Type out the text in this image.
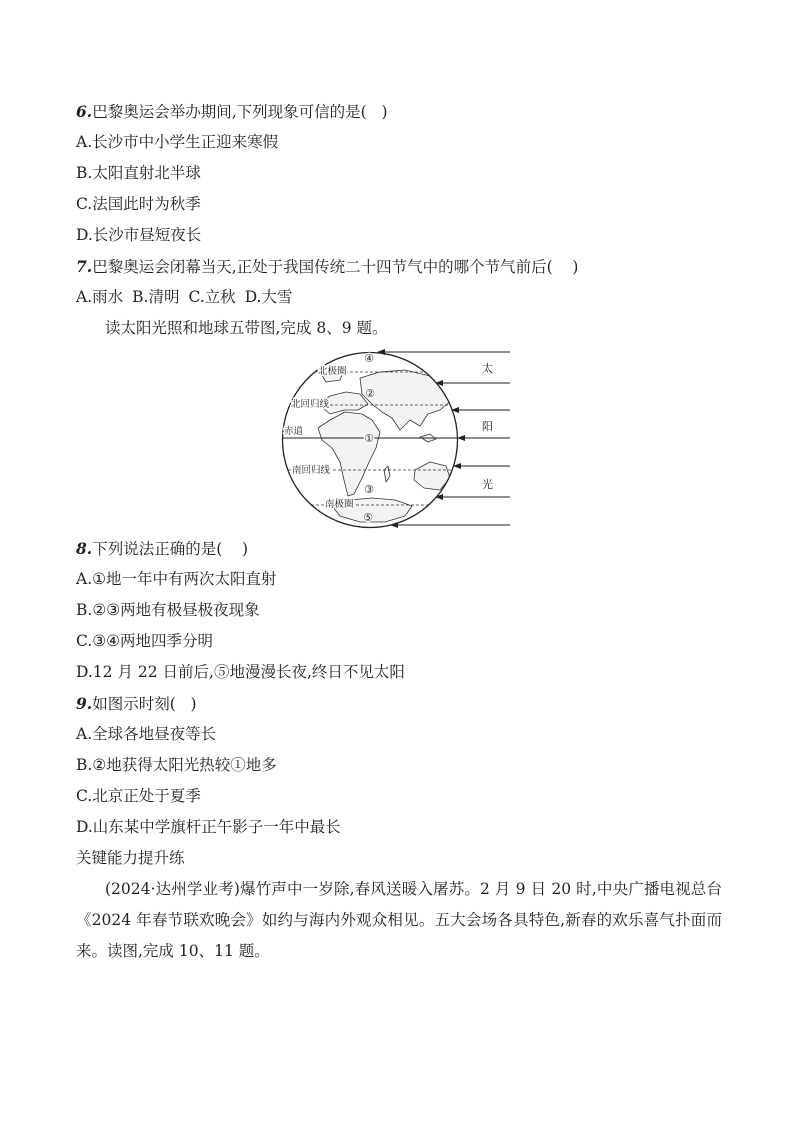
6.巴黎奥运会举办期间,下列现象可信的是(   )
A.长沙市中小学生正迎来寒假
B.太阳直射北半球
C.法国此时为秋季
D.长沙市昼短夜长
7.巴黎奥运会闭幕当天,正处于我国传统二十四节气中的哪个节气前后(    )
A.雨水 B.清明 C.立秋 D.大雪
读太阳光照和地球五带图,完成 8、9 题。
太
阳
光
北极圈
北回归线
赤道
南回归线
南极圈
①
②
③
④
⑤
8.下列说法正确的是(    )
A.①地一年中有两次太阳直射
B.②③两地有极昼极夜现象
C.③④两地四季分明
D.12 月 22 日前后,⑤地漫漫长夜,终日不见太阳
9.如图示时刻(   )
A.全球各地昼夜等长
B.②地获得太阳光热较①地多
C.北京正处于夏季
D.山东某中学旗杆正午影子一年中最长
关键能力提升练
(2024·达州学业考)爆竹声中一岁除,春风送暖入屠苏。2 月 9 日 20 时,中央广播电视总台
《2024 年春节联欢晚会》如约与海内外观众相见。五大会场各具特色,新春的欢乐喜气扑面而
来。读图,完成 10、11 题。
